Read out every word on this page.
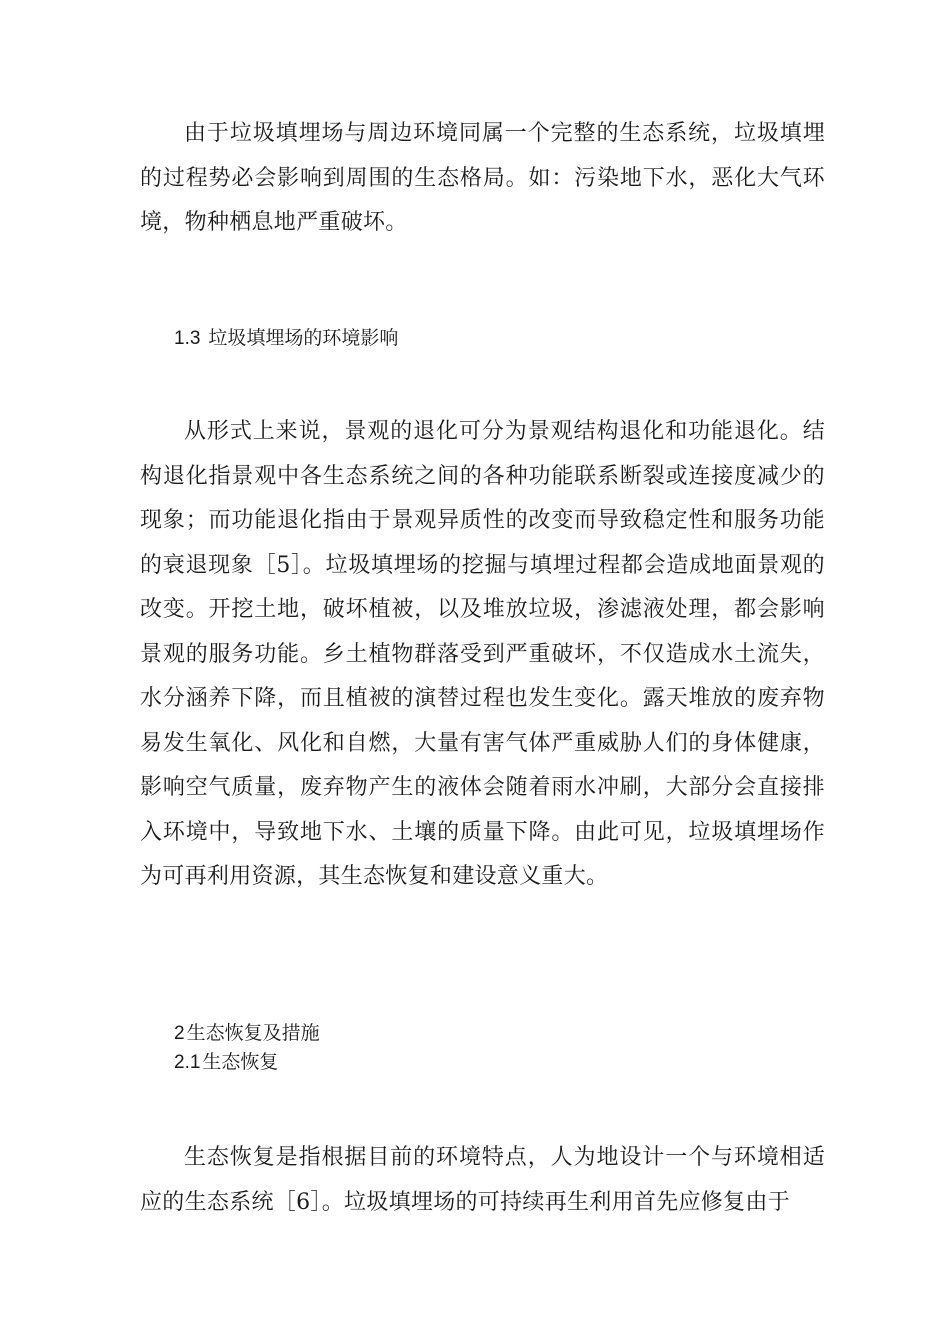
由于垃圾填埋场与周边环境同属一个完整的生态系统，垃圾填埋的过程势必会影响到周围的生态格局。如：污染地下水，恶化大气环境，物种栖息地严重破坏。

1.3 垃圾填埋场的环境影响

从形式上来说，景观的退化可分为景观结构退化和功能退化。结构退化指景观中各生态系统之间的各种功能联系断裂或连接度减少的现象；而功能退化指由于景观异质性的改变而导致稳定性和服务功能的衰退现象［5］。垃圾填埋场的挖掘与填埋过程都会造成地面景观的改变。开挖土地，破坏植被，以及堆放垃圾，渗滤液处理，都会影响景观的服务功能。乡土植物群落受到严重破坏，不仅造成水土流失，水分涵养下降，而且植被的演替过程也发生变化。露天堆放的废弃物易发生氧化、风化和自燃，大量有害气体严重威胁人们的身体健康，影响空气质量，废弃物产生的液体会随着雨水冲刷，大部分会直接排入环境中，导致地下水、土壤的质量下降。由此可见，垃圾填埋场作为可再利用资源，其生态恢复和建设意义重大。

2 生态恢复及措施
2.1 生态恢复

生态恢复是指根据目前的环境特点，人为地设计一个与环境相适应的生态系统［6］。垃圾填埋场的可持续再生利用首先应修复由于
